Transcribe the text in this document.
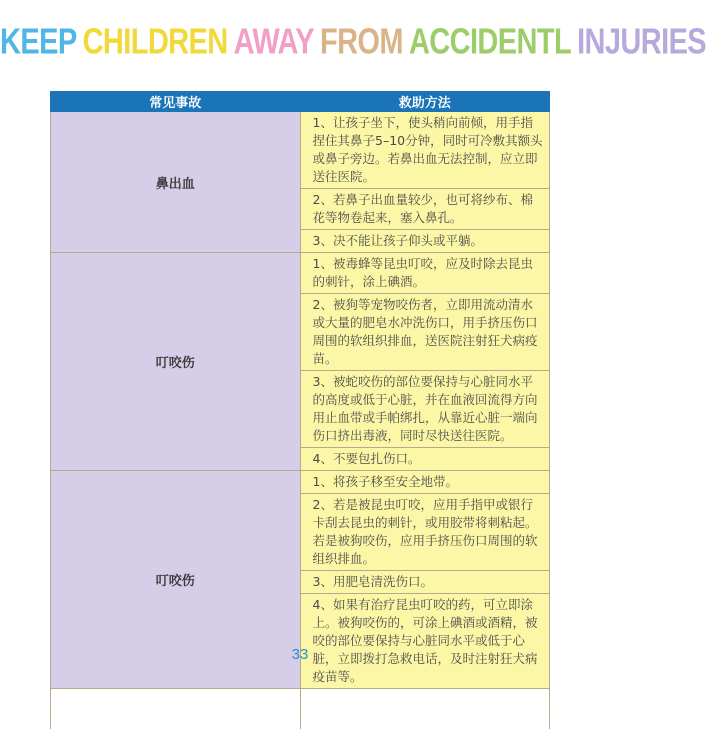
KEEP CHILDREN AWAY FROM ACCIDENTL INJURIES
常见事故	救助方法
鼻出血	1、让孩子坐下，使头稍向前倾，用手指捏住其鼻子5–10分钟，同时可冷敷其额头或鼻子旁边。若鼻出血无法控制，应立即送往医院。
	2、若鼻子出血量较少，也可将纱布、棉花等物卷起来，塞入鼻孔。
	3、决不能让孩子仰头或平躺。
叮咬伤	1、被毒蜂等昆虫叮咬，应及时除去昆虫的刺针，涂上碘酒。
	2、被狗等宠物咬伤者，立即用流动清水或大量的肥皂水冲洗伤口，用手挤压伤口周围的软组织排血，送医院注射狂犬病疫苗。
	3、被蛇咬伤的部位要保持与心脏同水平的高度或低于心脏，并在血液回流得方向用止血带或手帕绑扎，从靠近心脏一端向伤口挤出毒液，同时尽快送往医院。
	4、不要包扎伤口。
叮咬伤	1、将孩子移至安全地带。
	2、若是被昆虫叮咬，应用手指甲或银行卡刮去昆虫的刺针，或用胶带将刺粘起。若是被狗咬伤，应用手挤压伤口周围的软组织排血。
	3、用肥皂清洗伤口。
	4、如果有治疗昆虫叮咬的药，可立即涂上。被狗咬伤的，可涂上碘酒或酒精，被咬的部位要保持与心脏同水平或低于心脏，立即拨打急救电话，及时注射狂犬病疫苗等。

33
